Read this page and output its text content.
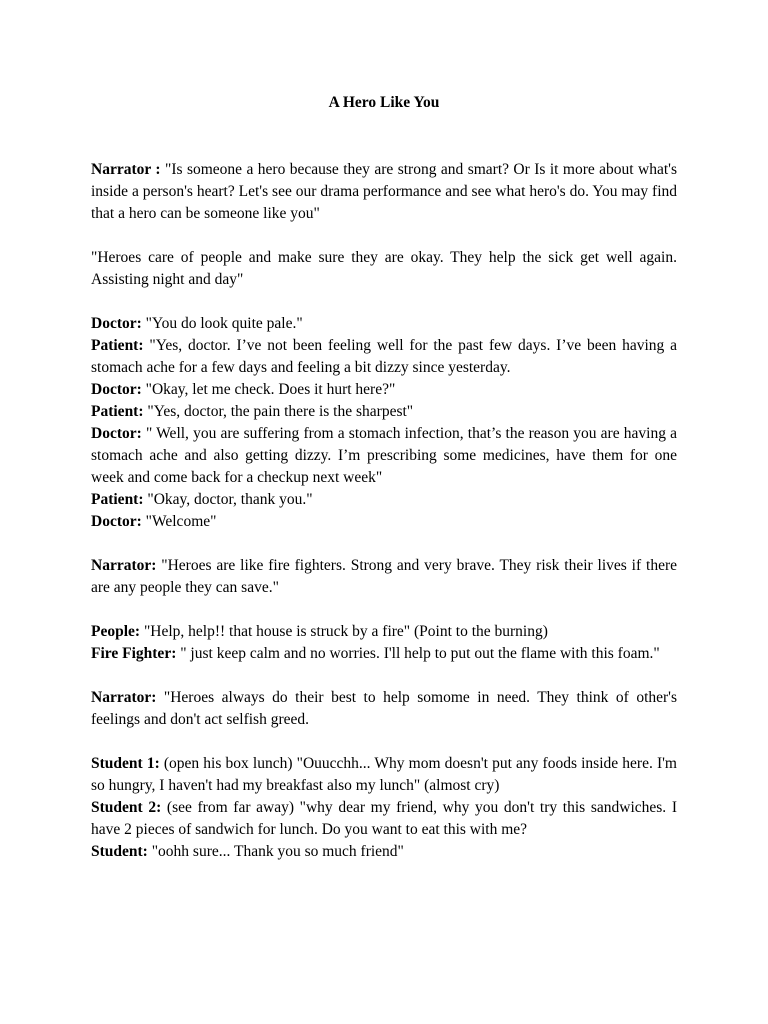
A Hero Like You

Narrator : "Is someone a hero because they are strong and smart? Or Is it more about what's inside a person's heart? Let's see our drama performance and see what hero's do. You may find that a hero can be someone like you"

"Heroes care of people and make sure they are okay. They help the sick get well again. Assisting night and day"

Doctor: "You do look quite pale."

Patient: "Yes, doctor. I’ve not been feeling well for the past few days. I’ve been having a stomach ache for a few days and feeling a bit dizzy since yesterday.

Doctor: "Okay, let me check. Does it hurt here?"

Patient: "Yes, doctor, the pain there is the sharpest"

Doctor: " Well, you are suffering from a stomach infection, that’s the reason you are having a stomach ache and also getting dizzy. I’m prescribing some medicines, have them for one week and come back for a checkup next week"

Patient: "Okay, doctor, thank you."

Doctor: "Welcome"

Narrator: "Heroes are like fire fighters. Strong and very brave. They risk their lives if there are any people they can save."

People: "Help, help!! that house is struck by a fire" (Point to the burning)

Fire Fighter: " just keep calm and no worries. I'll help to put out the flame with this foam."

Narrator: "Heroes always do their best to help somome in need. They think of other's feelings and don't act selfish greed.

Student 1: (open his box lunch) "Ouucchh... Why mom doesn't put any foods inside here. I'm so hungry, I haven't had my breakfast also my lunch" (almost cry)

Student 2: (see from far away) "why dear my friend, why you don't try this sandwiches. I have 2 pieces of sandwich for lunch. Do you want to eat this with me?

Student: "oohh sure... Thank you so much friend"
